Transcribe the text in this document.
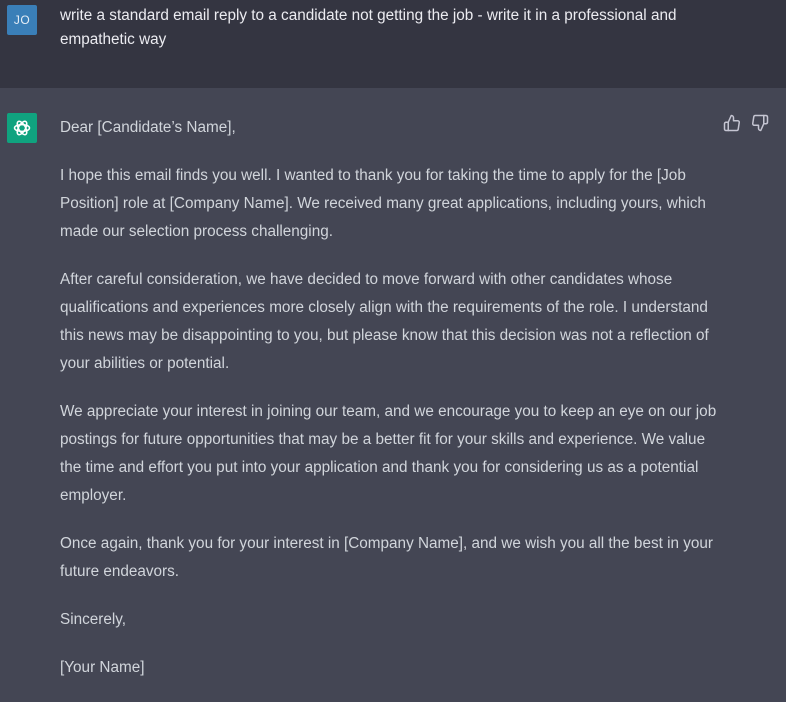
JO	write a standard email reply to a candidate not getting the job - write it in a professional and empathetic way

Dear [Candidate’s Name],

I hope this email finds you well. I wanted to thank you for taking the time to apply for the [Job Position] role at [Company Name]. We received many great applications, including yours, which made our selection process challenging.

After careful consideration, we have decided to move forward with other candidates whose qualifications and experiences more closely align with the requirements of the role. I understand this news may be disappointing to you, but please know that this decision was not a reflection of your abilities or potential.

We appreciate your interest in joining our team, and we encourage you to keep an eye on our job postings for future opportunities that may be a better fit for your skills and experience. We value the time and effort you put into your application and thank you for considering us as a potential employer.

Once again, thank you for your interest in [Company Name], and we wish you all the best in your future endeavors.

Sincerely,

[Your Name]
